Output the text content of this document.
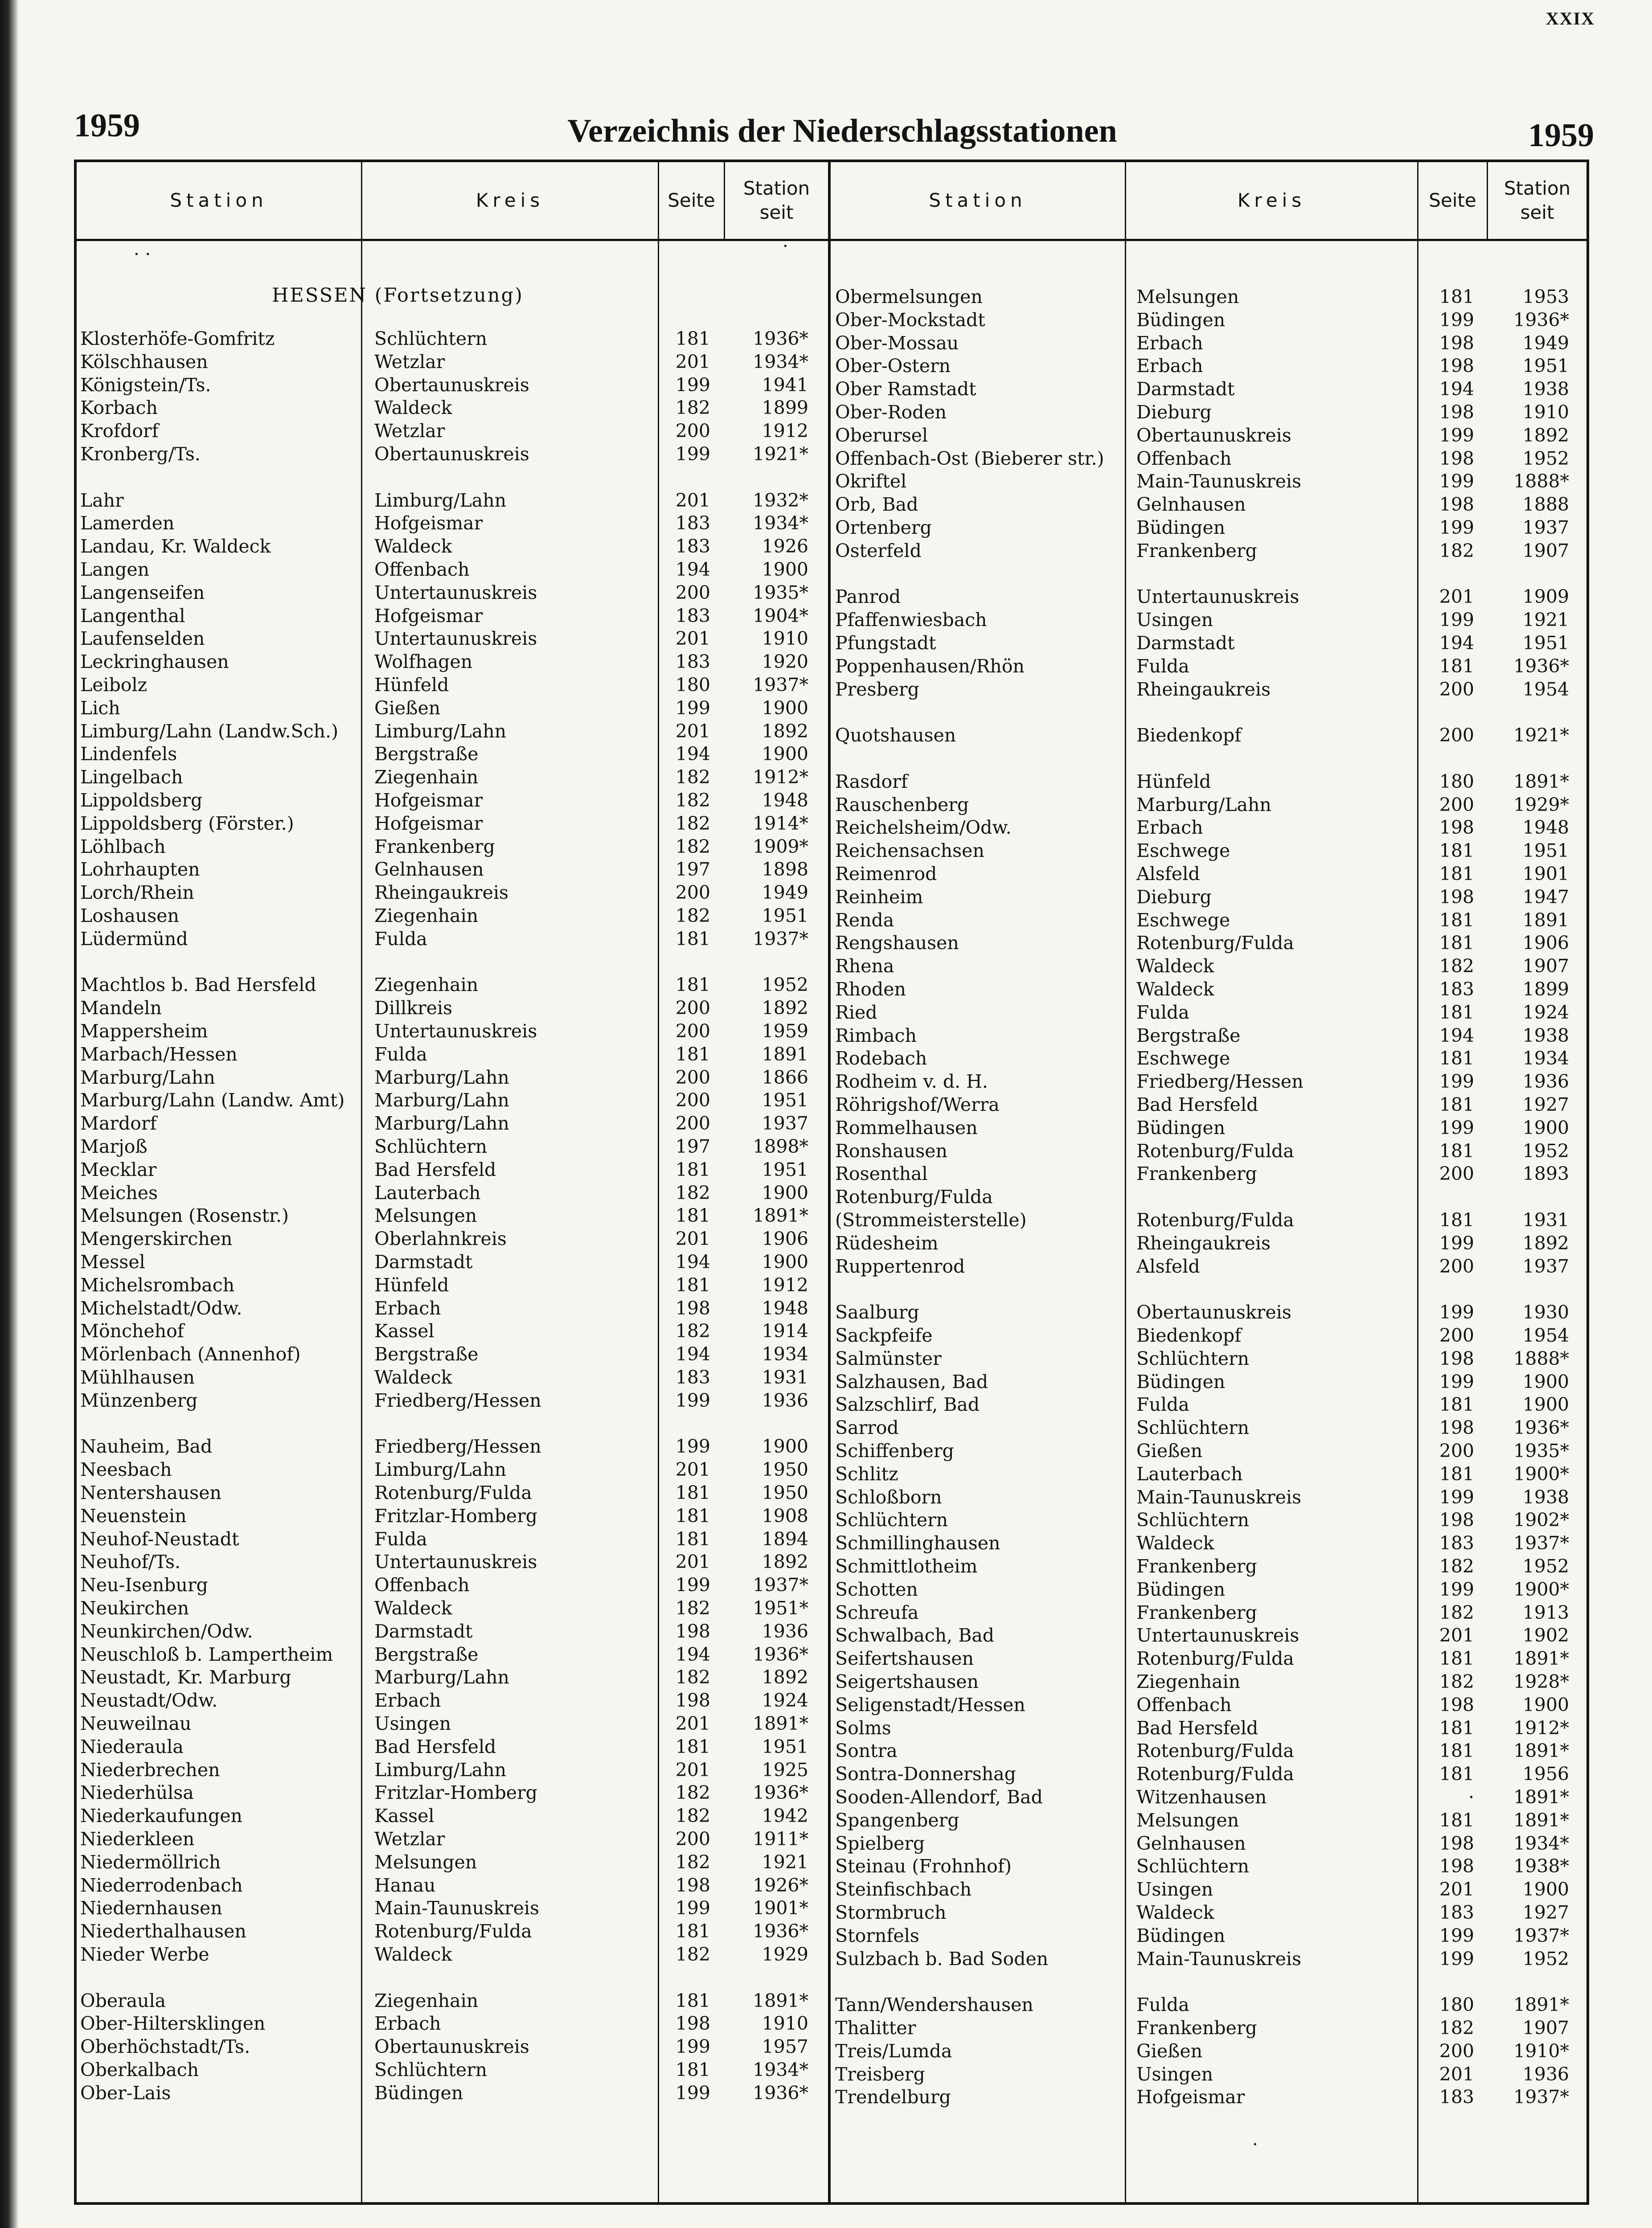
XXIX
1959	Verzeichnis der Niederschlagsstationen	1959
Station	Kreis	Seite
Station
seit
Station	Kreis	Seite
Station
seit
HESSEN (Fortsetzung)
· ·	·
·
Klosterhöfe-Gomfritz	Schlüchtern	181	1936*
Kölschhausen	Wetzlar	201	1934*
Königstein/Ts.	Obertaunuskreis	199	1941
Korbach	Waldeck	182	1899
Krofdorf	Wetzlar	200	1912
Kronberg/Ts.	Obertaunuskreis	199	1921*
Lahr	Limburg/Lahn	201	1932*
Lamerden	Hofgeismar	183	1934*
Landau, Kr. Waldeck	Waldeck	183	1926
Langen	Offenbach	194	1900
Langenseifen	Untertaunuskreis	200	1935*
Langenthal	Hofgeismar	183	1904*
Laufenselden	Untertaunuskreis	201	1910
Leckringhausen	Wolfhagen	183	1920
Leibolz	Hünfeld	180	1937*
Lich	Gießen	199	1900
Limburg/Lahn (Landw.Sch.)	Limburg/Lahn	201	1892
Lindenfels	Bergstraße	194	1900
Lingelbach	Ziegenhain	182	1912*
Lippoldsberg	Hofgeismar	182	1948
Lippoldsberg (Förster.)	Hofgeismar	182	1914*
Löhlbach	Frankenberg	182	1909*
Lohrhaupten	Gelnhausen	197	1898
Lorch/Rhein	Rheingaukreis	200	1949
Loshausen	Ziegenhain	182	1951
Lüdermünd	Fulda	181	1937*
Machtlos b. Bad Hersfeld	Ziegenhain	181	1952
Mandeln	Dillkreis	200	1892
Mappersheim	Untertaunuskreis	200	1959
Marbach/Hessen	Fulda	181	1891
Marburg/Lahn	Marburg/Lahn	200	1866
Marburg/Lahn (Landw. Amt)	Marburg/Lahn	200	1951
Mardorf	Marburg/Lahn	200	1937
Marjoß	Schlüchtern	197	1898*
Mecklar	Bad Hersfeld	181	1951
Meiches	Lauterbach	182	1900
Melsungen (Rosenstr.)	Melsungen	181	1891*
Mengerskirchen	Oberlahnkreis	201	1906
Messel	Darmstadt	194	1900
Michelsrombach	Hünfeld	181	1912
Michelstadt/Odw.	Erbach	198	1948
Mönchehof	Kassel	182	1914
Mörlenbach (Annenhof)	Bergstraße	194	1934
Mühlhausen	Waldeck	183	1931
Münzenberg	Friedberg/Hessen	199	1936
Nauheim, Bad	Friedberg/Hessen	199	1900
Neesbach	Limburg/Lahn	201	1950
Nentershausen	Rotenburg/Fulda	181	1950
Neuenstein	Fritzlar-Homberg	181	1908
Neuhof-Neustadt	Fulda	181	1894
Neuhof/Ts.	Untertaunuskreis	201	1892
Neu-Isenburg	Offenbach	199	1937*
Neukirchen	Waldeck	182	1951*
Neunkirchen/Odw.	Darmstadt	198	1936
Neuschloß b. Lampertheim	Bergstraße	194	1936*
Neustadt, Kr. Marburg	Marburg/Lahn	182	1892
Neustadt/Odw.	Erbach	198	1924
Neuweilnau	Usingen	201	1891*
Niederaula	Bad Hersfeld	181	1951
Niederbrechen	Limburg/Lahn	201	1925
Niederhülsa	Fritzlar-Homberg	182	1936*
Niederkaufungen	Kassel	182	1942
Niederkleen	Wetzlar	200	1911*
Niedermöllrich	Melsungen	182	1921
Niederrodenbach	Hanau	198	1926*
Niedernhausen	Main-Taunuskreis	199	1901*
Niederthalhausen	Rotenburg/Fulda	181	1936*
Nieder Werbe	Waldeck	182	1929
Oberaula	Ziegenhain	181	1891*
Ober-Hiltersklingen	Erbach	198	1910
Oberhöchstadt/Ts.	Obertaunuskreis	199	1957
Oberkalbach	Schlüchtern	181	1934*
Ober-Lais	Büdingen	199	1936*
Obermelsungen	Melsungen	181	1953
Ober-Mockstadt	Büdingen	199	1936*
Ober-Mossau	Erbach	198	1949
Ober-Ostern	Erbach	198	1951
Ober Ramstadt	Darmstadt	194	1938
Ober-Roden	Dieburg	198	1910
Oberursel	Obertaunuskreis	199	1892
Offenbach-Ost (Bieberer str.)	Offenbach	198	1952
Okriftel	Main-Taunuskreis	199	1888*
Orb, Bad	Gelnhausen	198	1888
Ortenberg	Büdingen	199	1937
Osterfeld	Frankenberg	182	1907
Panrod	Untertaunuskreis	201	1909
Pfaffenwiesbach	Usingen	199	1921
Pfungstadt	Darmstadt	194	1951
Poppenhausen/Rhön	Fulda	181	1936*
Presberg	Rheingaukreis	200	1954
Quotshausen	Biedenkopf	200	1921*
Rasdorf	Hünfeld	180	1891*
Rauschenberg	Marburg/Lahn	200	1929*
Reichelsheim/Odw.	Erbach	198	1948
Reichensachsen	Eschwege	181	1951
Reimenrod	Alsfeld	181	1901
Reinheim	Dieburg	198	1947
Renda	Eschwege	181	1891
Rengshausen	Rotenburg/Fulda	181	1906
Rhena	Waldeck	182	1907
Rhoden	Waldeck	183	1899
Ried	Fulda	181	1924
Rimbach	Bergstraße	194	1938
Rodebach	Eschwege	181	1934
Rodheim v. d. H.	Friedberg/Hessen	199	1936
Röhrigshof/Werra	Bad Hersfeld	181	1927
Rommelhausen	Büdingen	199	1900
Ronshausen	Rotenburg/Fulda	181	1952
Rosenthal	Frankenberg	200	1893
Rotenburg/Fulda
(Strommeisterstelle)	Rotenburg/Fulda	181	1931
Rüdesheim	Rheingaukreis	199	1892
Ruppertenrod	Alsfeld	200	1937
Saalburg	Obertaunuskreis	199	1930
Sackpfeife	Biedenkopf	200	1954
Salmünster	Schlüchtern	198	1888*
Salzhausen, Bad	Büdingen	199	1900
Salzschlirf, Bad	Fulda	181	1900
Sarrod	Schlüchtern	198	1936*
Schiffenberg	Gießen	200	1935*
Schlitz	Lauterbach	181	1900*
Schloßborn	Main-Taunuskreis	199	1938
Schlüchtern	Schlüchtern	198	1902*
Schmillinghausen	Waldeck	183	1937*
Schmittlotheim	Frankenberg	182	1952
Schotten	Büdingen	199	1900*
Schreufa	Frankenberg	182	1913
Schwalbach, Bad	Untertaunuskreis	201	1902
Seifertshausen	Rotenburg/Fulda	181	1891*
Seigertshausen	Ziegenhain	182	1928*
Seligenstadt/Hessen	Offenbach	198	1900
Solms	Bad Hersfeld	181	1912*
Sontra	Rotenburg/Fulda	181	1891*
Sontra-Donnershag	Rotenburg/Fulda	181	1956
Sooden-Allendorf, Bad	Witzenhausen	·	1891*
Spangenberg	Melsungen	181	1891*
Spielberg	Gelnhausen	198	1934*
Steinau (Frohnhof)	Schlüchtern	198	1938*
Steinfischbach	Usingen	201	1900
Stormbruch	Waldeck	183	1927
Stornfels	Büdingen	199	1937*
Sulzbach b. Bad Soden	Main-Taunuskreis	199	1952
Tann/Wendershausen	Fulda	180	1891*
Thalitter	Frankenberg	182	1907
Treis/Lumda	Gießen	200	1910*
Treisberg	Usingen	201	1936
Trendelburg	Hofgeismar	183	1937*
